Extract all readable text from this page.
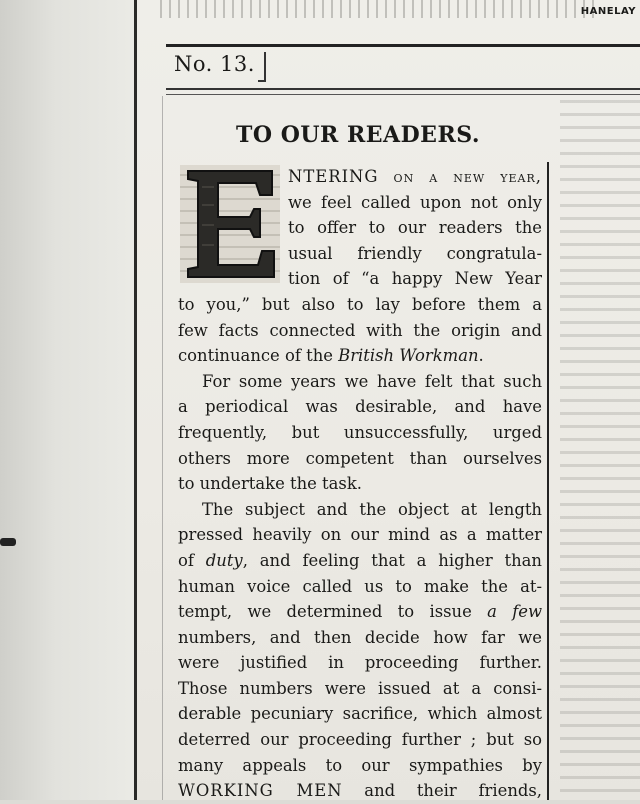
HANELAY
No. 13.
TO OUR READERS.
NTERING on a new year,
we feel called upon not only
to offer to our readers the
usual friendly congratula-
tion of “a happy New Year
to you,” but also to lay before them a
few facts connected with the origin and
continuance of the British Workman.
For some years we have felt that such
a periodical was desirable, and have
frequently, but unsuccessfully, urged
others more competent than ourselves
to undertake the task.
The subject and the object at length
pressed heavily on our mind as a matter
of duty, and feeling that a higher than
human voice called us to make the at-
tempt, we determined to issue a few
numbers, and then decide how far we
were justified in proceeding further.
Those numbers were issued at a consi-
derable pecuniary sacrifice, which almost
deterred our proceeding further ; but so
many appeals to our sympathies by
WORKING MEN and their friends,
